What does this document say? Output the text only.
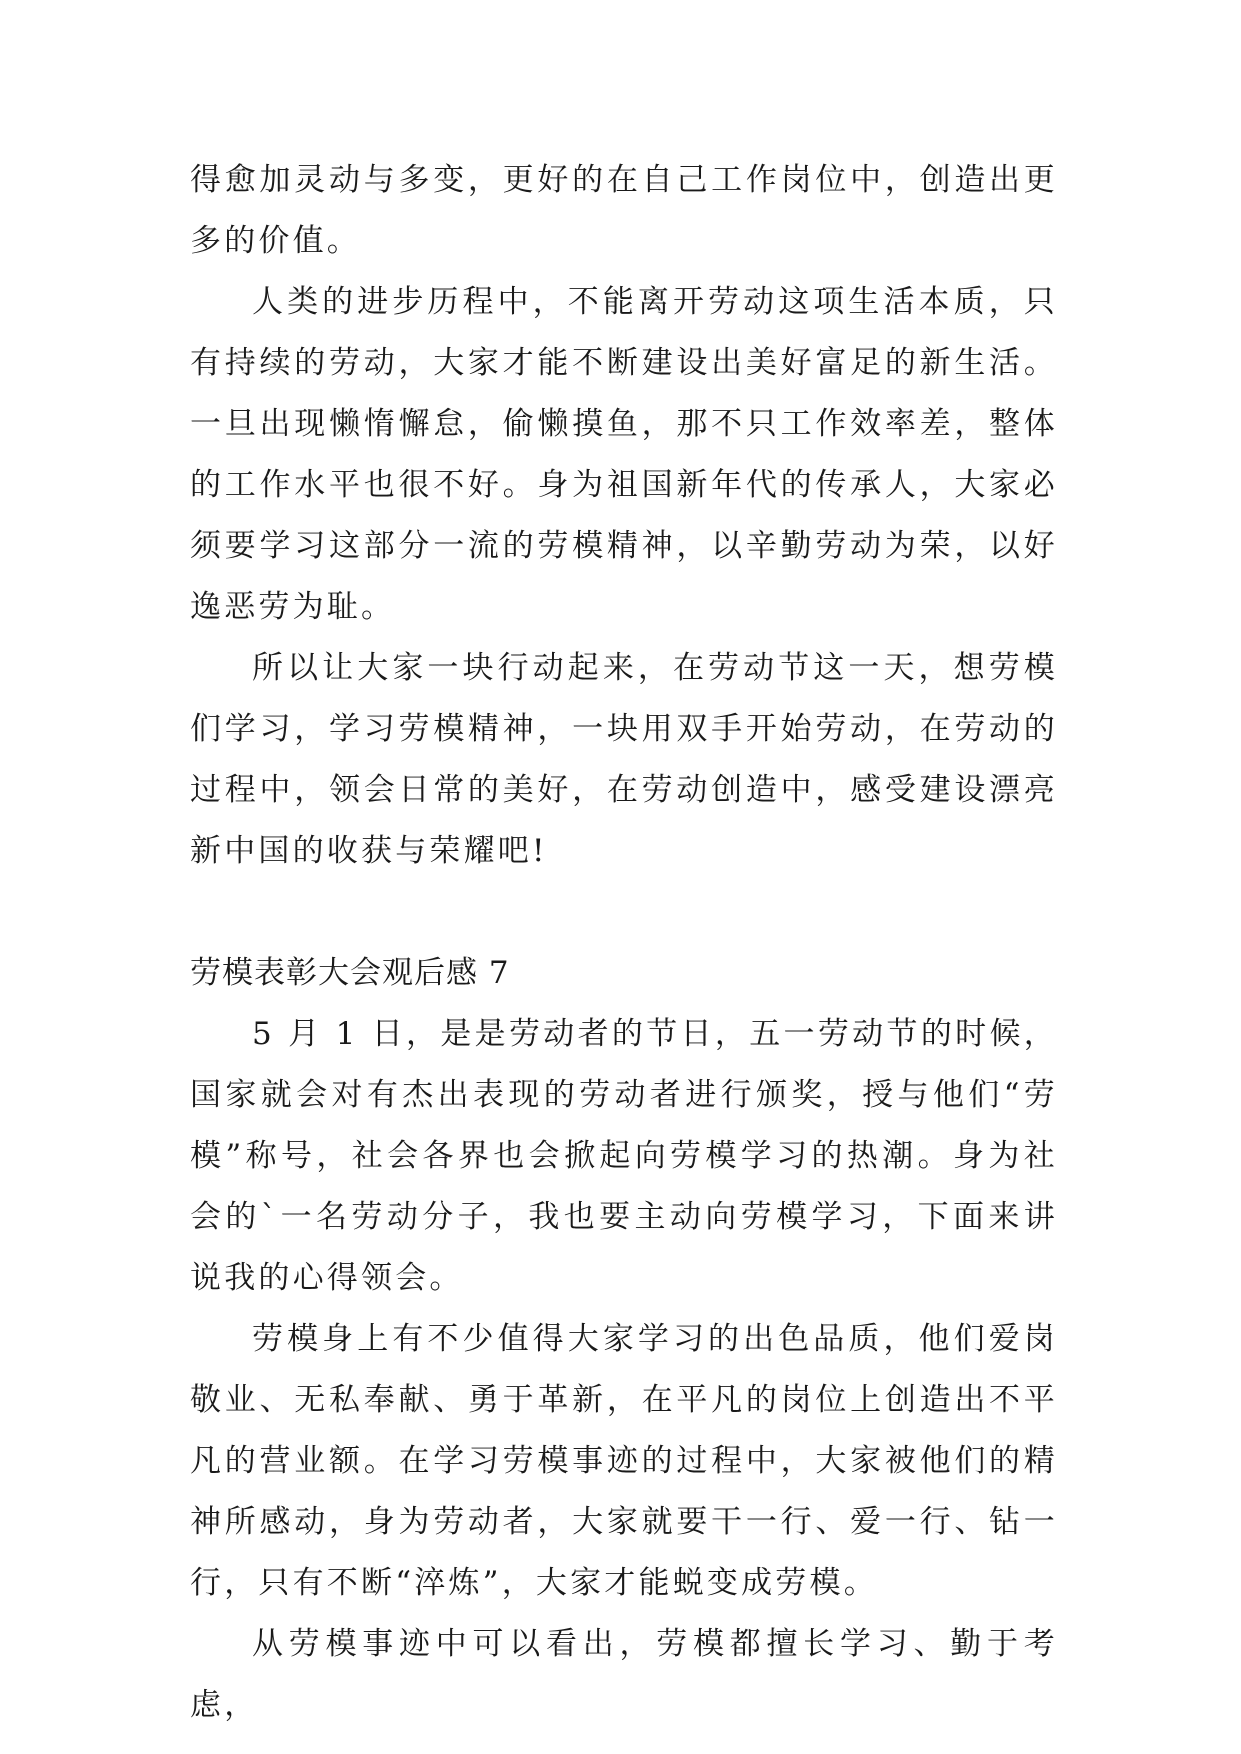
得愈加灵动与多变，更好的在自己工作岗位中，创造出更多的价值。

人类的进步历程中，不能离开劳动这项生活本质，只有持续的劳动，大家才能不断建设出美好富足的新生活。一旦出现懒惰懈怠，偷懒摸鱼，那不只工作效率差，整体的工作水平也很不好。身为祖国新年代的传承人，大家必须要学习这部分一流的劳模精神，以辛勤劳动为荣，以好逸恶劳为耻。

所以让大家一块行动起来，在劳动节这一天，想劳模们学习，学习劳模精神，一块用双手开始劳动，在劳动的过程中，领会日常的美好，在劳动创造中，感受建设漂亮新中国的收获与荣耀吧!

劳模表彰大会观后感 7

5 月 1 日，是是劳动者的节日，五一劳动节的时候，国家就会对有杰出表现的劳动者进行颁奖，授与他们“劳模”称号，社会各界也会掀起向劳模学习的热潮。身为社会的`一名劳动分子，我也要主动向劳模学习，下面来讲说我的心得领会。

劳模身上有不少值得大家学习的出色品质，他们爱岗敬业、无私奉献、勇于革新，在平凡的岗位上创造出不平凡的营业额。在学习劳模事迹的过程中，大家被他们的精神所感动，身为劳动者，大家就要干一行、爱一行、钻一行，只有不断“淬炼”，大家才能蜕变成劳模。

从劳模事迹中可以看出，劳模都擅长学习、勤于考虑，
